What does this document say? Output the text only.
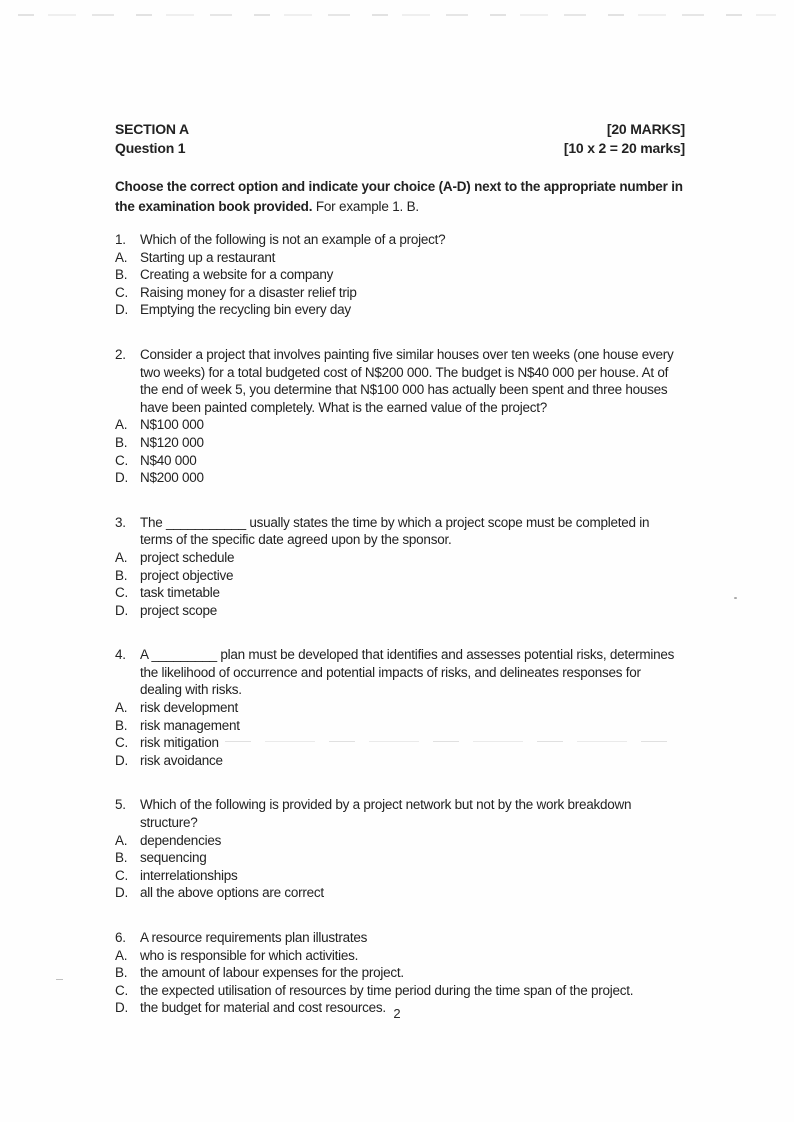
SECTION A	[20 MARKS]
Question 1	[10 x 2 = 20 marks]

Choose the correct option and indicate your choice (A-D) next to the appropriate number in the examination book provided. For example 1. B.

1.	Which of the following is not an example of a project?
A. Starting up a restaurant
B. Creating a website for a company
C. Raising money for a disaster relief trip
D. Emptying the recycling bin every day
2.	Consider a project that involves painting five similar houses over ten weeks (one house every two weeks) for a total budgeted cost of N$200 000. The budget is N$40 000 per house. At of the end of week 5, you determine that N$100 000 has actually been spent and three houses have been painted completely. What is the earned value of the project?
A. N$100 000
B. N$120 000
C. N$40 000
D. N$200 000
3.	The ___________ usually states the time by which a project scope must be completed in terms of the specific date agreed upon by the sponsor.
A. project schedule
B. project objective
C. task timetable
D. project scope
4.	A _________ plan must be developed that identifies and assesses potential risks, determines the likelihood of occurrence and potential impacts of risks, and delineates responses for dealing with risks.
A. risk development
B. risk management
C. risk mitigation
D. risk avoidance
5.	Which of the following is provided by a project network but not by the work breakdown structure?
A. dependencies
B. sequencing
C. interrelationships
D. all the above options are correct
6.	A resource requirements plan illustrates
A. who is responsible for which activities.
B. the amount of labour expenses for the project.
C. the expected utilisation of resources by time period during the time span of the project.
D. the budget for material and cost resources. 2
